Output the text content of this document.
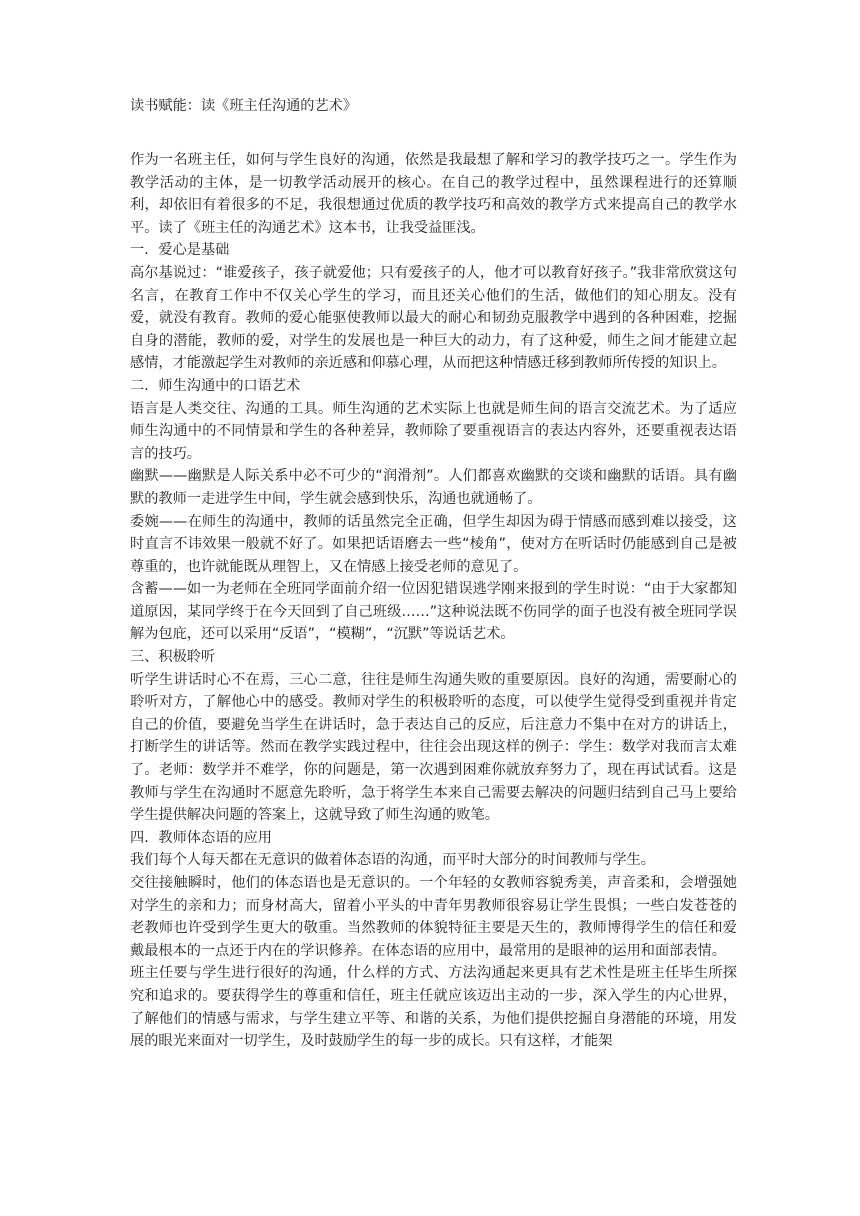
读书赋能：读《班主任沟通的艺术》

作为一名班主任，如何与学生良好的沟通，依然是我最想了解和学习的教学技巧之一。学生作为教学活动的主体，是一切教学活动展开的核心。在自己的教学过程中，虽然课程进行的还算顺利，却依旧有着很多的不足，我很想通过优质的教学技巧和高效的教学方式来提高自己的教学水平。读了《班主任的沟通艺术》这本书，让我受益匪浅。

一．爱心是基础

高尔基说过：“谁爱孩子，孩子就爱他；只有爱孩子的人，他才可以教育好孩子。”我非常欣赏这句名言，在教育工作中不仅关心学生的学习，而且还关心他们的生活，做他们的知心朋友。没有爱，就没有教育。教师的爱心能驱使教师以最大的耐心和韧劲克服教学中遇到的各种困难，挖掘自身的潜能，教师的爱，对学生的发展也是一种巨大的动力，有了这种爱，师生之间才能建立起感情，才能激起学生对教师的亲近感和仰慕心理，从而把这种情感迁移到教师所传授的知识上。

二．师生沟通中的口语艺术

语言是人类交往、沟通的工具。师生沟通的艺术实际上也就是师生间的语言交流艺术。为了适应师生沟通中的不同情景和学生的各种差异，教师除了要重视语言的表达内容外，还要重视表达语言的技巧。

幽默——幽默是人际关系中必不可少的“润滑剂”。人们都喜欢幽默的交谈和幽默的话语。具有幽默的教师一走进学生中间，学生就会感到快乐，沟通也就通畅了。

委婉——在师生的沟通中，教师的话虽然完全正确，但学生却因为碍于情感而感到难以接受，这时直言不讳效果一般就不好了。如果把话语磨去一些“棱角”，使对方在听话时仍能感到自己是被尊重的，也许就能既从理智上，又在情感上接受老师的意见了。

含蓄——如一为老师在全班同学面前介绍一位因犯错误逃学刚来报到的学生时说：“由于大家都知道原因，某同学终于在今天回到了自己班级……”这种说法既不伤同学的面子也没有被全班同学误解为包庇，还可以采用“反语”，“模糊”，“沉默”等说话艺术。

三、积极聆听

听学生讲话时心不在焉，三心二意，往往是师生沟通失败的重要原因。良好的沟通，需要耐心的聆听对方，了解他心中的感受。教师对学生的积极聆听的态度，可以使学生觉得受到重视并肯定自己的价值，要避免当学生在讲话时，急于表达自己的反应，后注意力不集中在对方的讲话上，打断学生的讲话等。然而在教学实践过程中，往往会出现这样的例子：学生：数学对我而言太难了。老师：数学并不难学，你的问题是，第一次遇到困难你就放弃努力了，现在再试试看。这是教师与学生在沟通时不愿意先聆听，急于将学生本来自己需要去解决的问题归结到自己马上要给学生提供解决问题的答案上，这就导致了师生沟通的败笔。

四．教师体态语的应用

我们每个人每天都在无意识的做着体态语的沟通，而平时大部分的时间教师与学生。

交往接触瞬时，他们的体态语也是无意识的。一个年轻的女教师容貌秀美，声音柔和，会增强她对学生的亲和力；而身材高大，留着小平头的中青年男教师很容易让学生畏惧；一些白发苍苍的老教师也许受到学生更大的敬重。当然教师的体貌特征主要是天生的，教师博得学生的信任和爱戴最根本的一点还于内在的学识修养。在体态语的应用中，最常用的是眼神的运用和面部表情。

班主任要与学生进行很好的沟通，什么样的方式、方法沟通起来更具有艺术性是班主任毕生所探究和追求的。要获得学生的尊重和信任，班主任就应该迈出主动的一步，深入学生的内心世界，了解他们的情感与需求，与学生建立平等、和谐的关系，为他们提供挖掘自身潜能的环境，用发展的眼光来面对一切学生，及时鼓励学生的每一步的成长。只有这样，才能架
